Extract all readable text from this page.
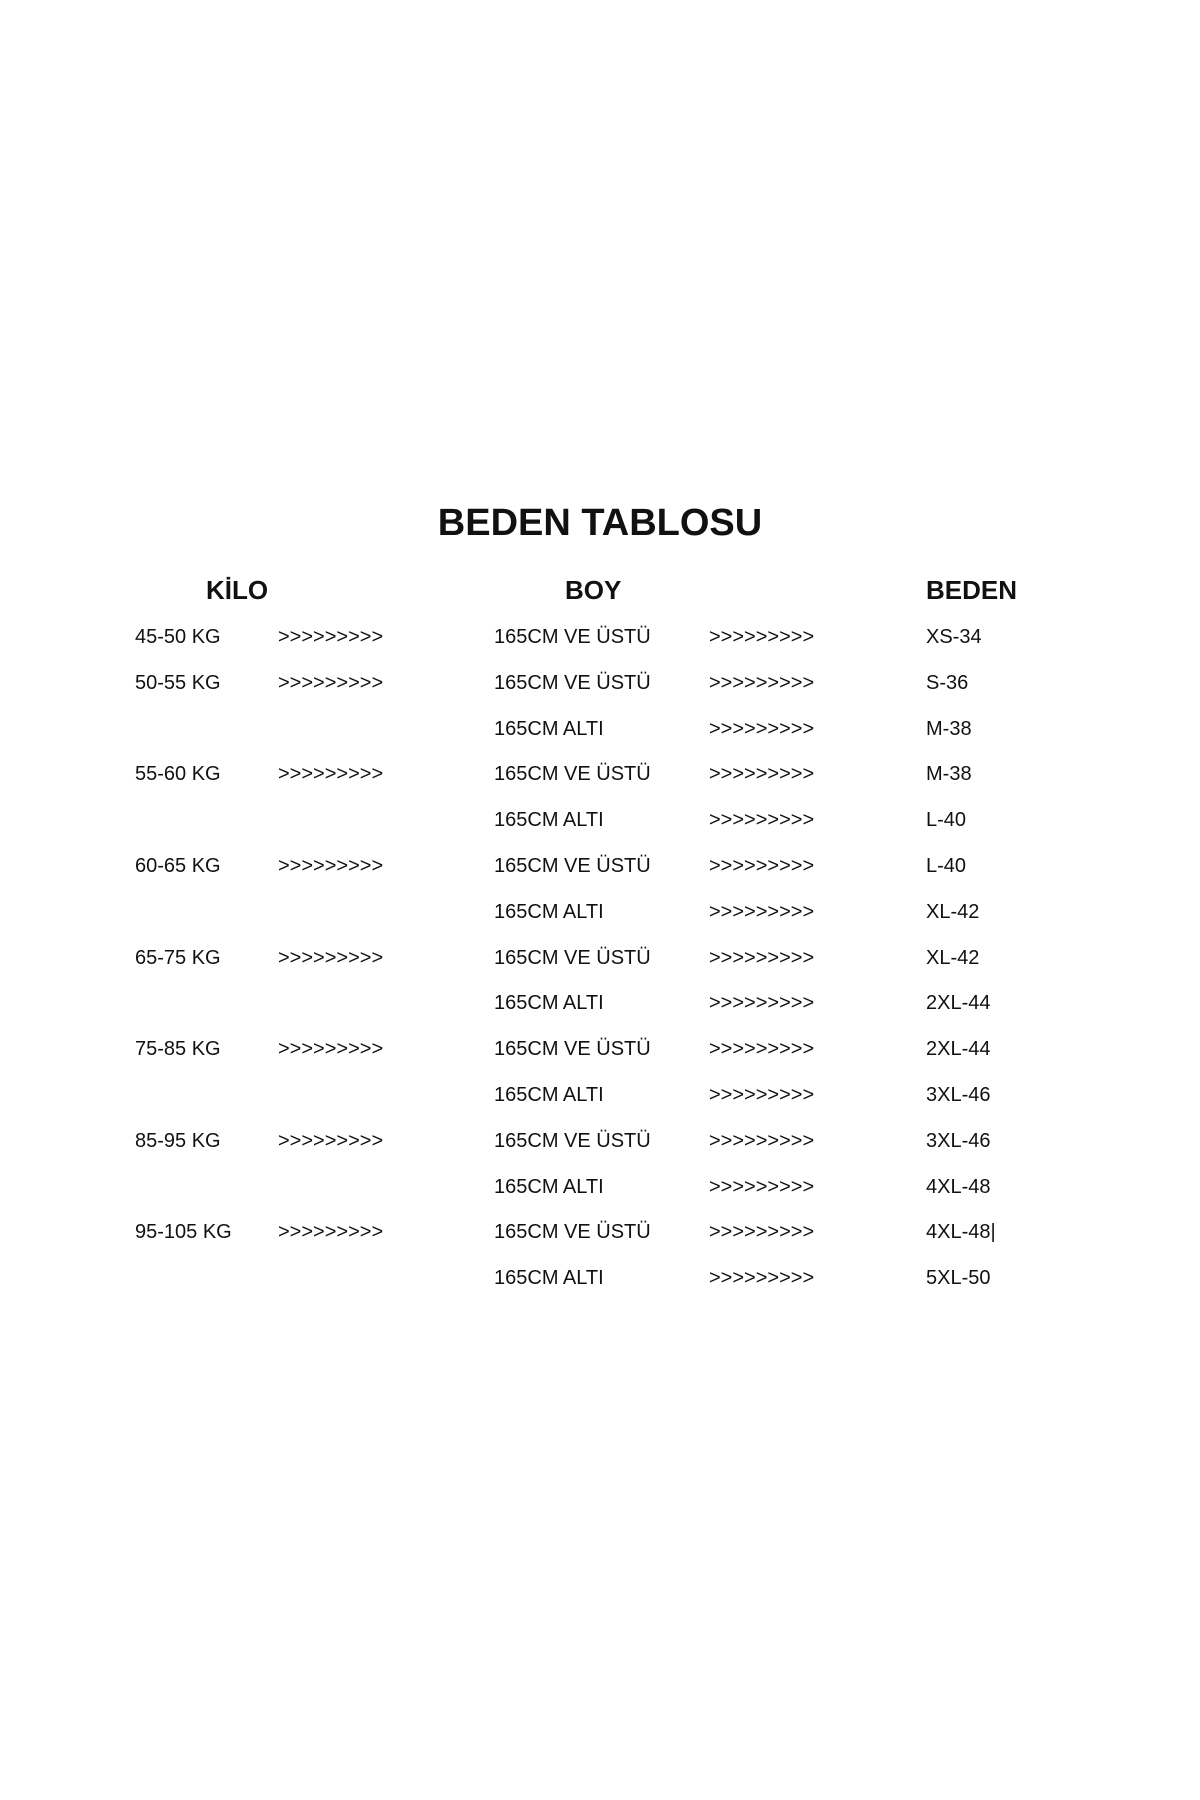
BEDEN TABLOSU
KİLO	BOY	BEDEN
45-50 KG	>>>>>>>>>	165CM VE ÜSTÜ	>>>>>>>>>	XS-34
50-55 KG	>>>>>>>>>	165CM VE ÜSTÜ	>>>>>>>>>	S-36
165CM ALTI	>>>>>>>>>	M-38
55-60 KG	>>>>>>>>>	165CM VE ÜSTÜ	>>>>>>>>>	M-38
165CM ALTI	>>>>>>>>>	L-40
60-65 KG	>>>>>>>>>	165CM VE ÜSTÜ	>>>>>>>>>	L-40
165CM ALTI	>>>>>>>>>	XL-42
65-75 KG	>>>>>>>>>	165CM VE ÜSTÜ	>>>>>>>>>	XL-42
165CM ALTI	>>>>>>>>>	2XL-44
75-85 KG	>>>>>>>>>	165CM VE ÜSTÜ	>>>>>>>>>	2XL-44
165CM ALTI	>>>>>>>>>	3XL-46
85-95 KG	>>>>>>>>>	165CM VE ÜSTÜ	>>>>>>>>>	3XL-46
165CM ALTI	>>>>>>>>>	4XL-48
95-105 KG >>>>>>>>>	165CM VE ÜSTÜ	>>>>>>>>>	4XL-48|
165CM ALTI	>>>>>>>>>	5XL-50
